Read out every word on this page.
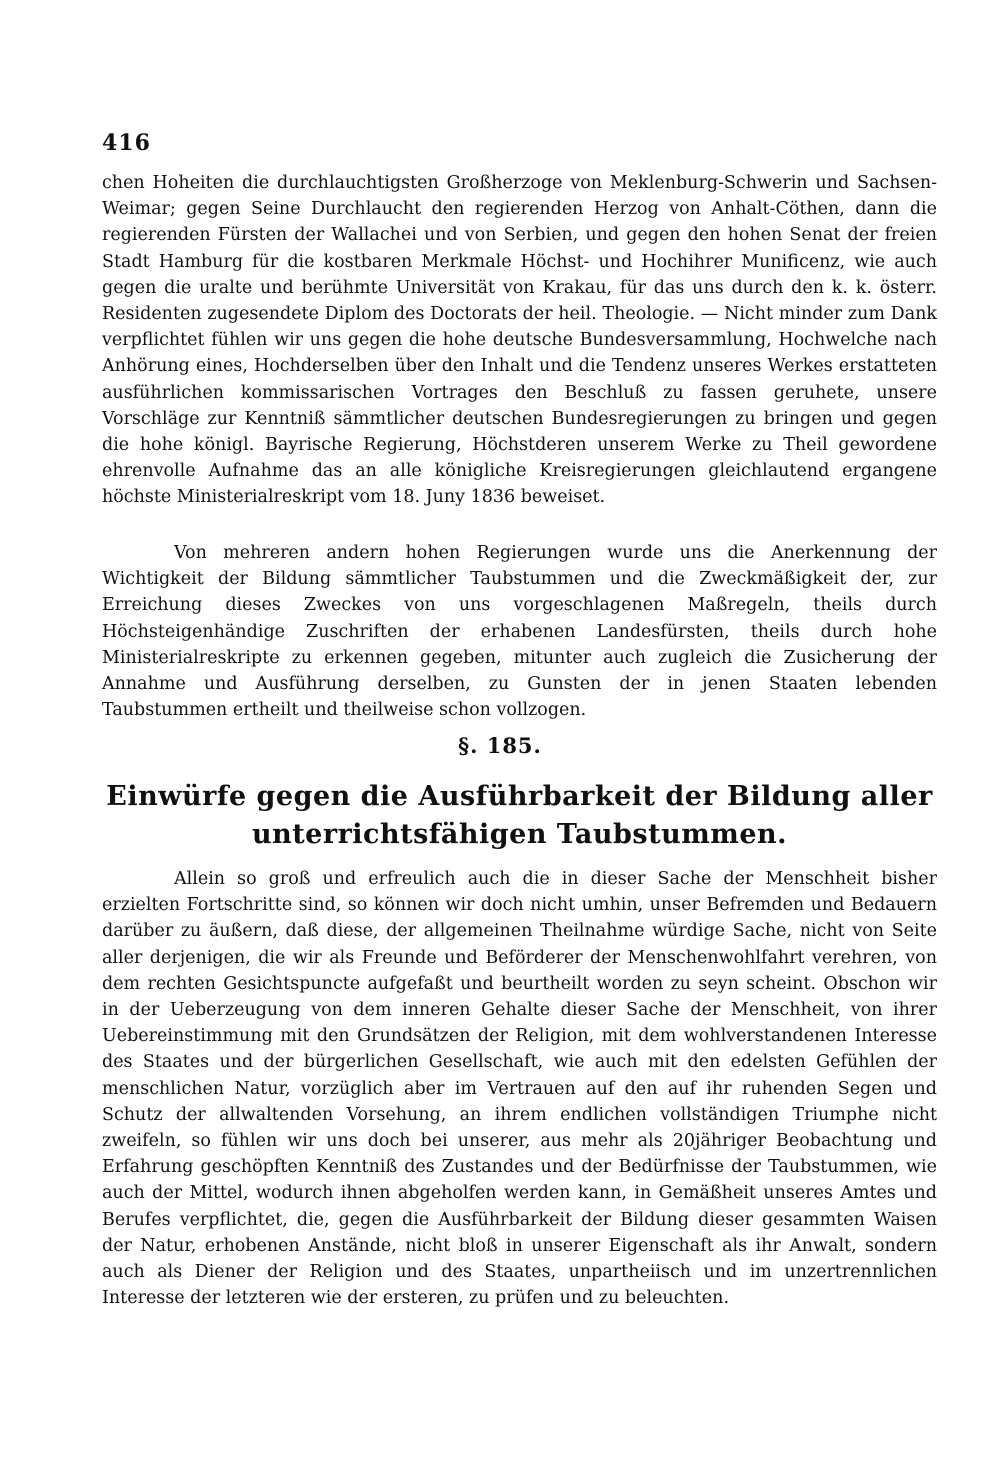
416

chen Hoheiten die durchlauchtigsten Großherzoge von Meklenburg-Schwerin und Sachsen-Weimar; gegen Seine Durchlaucht den regierenden Herzog von Anhalt-Cöthen, dann die regierenden Fürsten der Wallachei und von Serbien, und gegen den hohen Senat der freien Stadt Hamburg für die kostbaren Merkmale Höchst- und Hochihrer Munificenz, wie auch gegen die uralte und berühmte Universität von Krakau, für das uns durch den k. k. österr. Residenten zugesendete Diplom des Doctorats der heil. Theologie. — Nicht minder zum Dank verpflichtet fühlen wir uns gegen die hohe deutsche Bundesversammlung, Hochwelche nach Anhörung eines, Hochderselben über den Inhalt und die Tendenz unseres Werkes erstatteten ausführlichen kommissarischen Vortrages den Beschluß zu fassen geruhete, unsere Vorschläge zur Kenntniß sämmtlicher deutschen Bundesregierungen zu bringen und gegen die hohe königl. Bayrische Regierung, Höchstderen unserem Werke zu Theil gewordene ehrenvolle Aufnahme das an alle königliche Kreisregierungen gleichlautend ergangene höchste Ministerialreskript vom 18. Juny 1836 beweiset.

Von mehreren andern hohen Regierungen wurde uns die Anerkennung der Wichtigkeit der Bildung sämmtlicher Taubstummen und die Zweckmäßigkeit der, zur Erreichung dieses Zweckes von uns vorgeschlagenen Maßregeln, theils durch Höchsteigenhändige Zuschriften der erhabenen Landesfürsten, theils durch hohe Ministerialreskripte zu erkennen gegeben, mitunter auch zugleich die Zusicherung der Annahme und Ausführung derselben, zu Gunsten der in jenen Staaten lebenden Taubstummen ertheilt und theilweise schon vollzogen.

§. 185.
Einwürfe gegen die Ausführbarkeit der Bildung aller unterrichtsfähigen Taubstummen.

Allein so groß und erfreulich auch die in dieser Sache der Menschheit bisher erzielten Fortschritte sind, so können wir doch nicht umhin, unser Befremden und Bedauern darüber zu äußern, daß diese, der allgemeinen Theilnahme würdige Sache, nicht von Seite aller derjenigen, die wir als Freunde und Beförderer der Menschenwohlfahrt verehren, von dem rechten Gesichtspuncte aufgefaßt und beurtheilt worden zu seyn scheint. Obschon wir in der Ueberzeugung von dem inneren Gehalte dieser Sache der Menschheit, von ihrer Uebereinstimmung mit den Grundsätzen der Religion, mit dem wohlverstandenen Interesse des Staates und der bürgerlichen Gesellschaft, wie auch mit den edelsten Gefühlen der menschlichen Natur, vorzüglich aber im Vertrauen auf den auf ihr ruhenden Segen und Schutz der allwaltenden Vorsehung, an ihrem endlichen vollständigen Triumphe nicht zweifeln, so fühlen wir uns doch bei unserer, aus mehr als 20jähriger Beobachtung und Erfahrung geschöpften Kenntniß des Zustandes und der Bedürfnisse der Taubstummen, wie auch der Mittel, wodurch ihnen abgeholfen werden kann, in Gemäßheit unseres Amtes und Berufes verpflichtet, die, gegen die Ausführbarkeit der Bildung dieser gesammten Waisen der Natur, erhobenen Anstände, nicht bloß in unserer Eigenschaft als ihr Anwalt, sondern auch als Diener der Religion und des Staates, unpartheiisch und im unzertrennlichen Interesse der letzteren wie der ersteren, zu prüfen und zu beleuchten.
